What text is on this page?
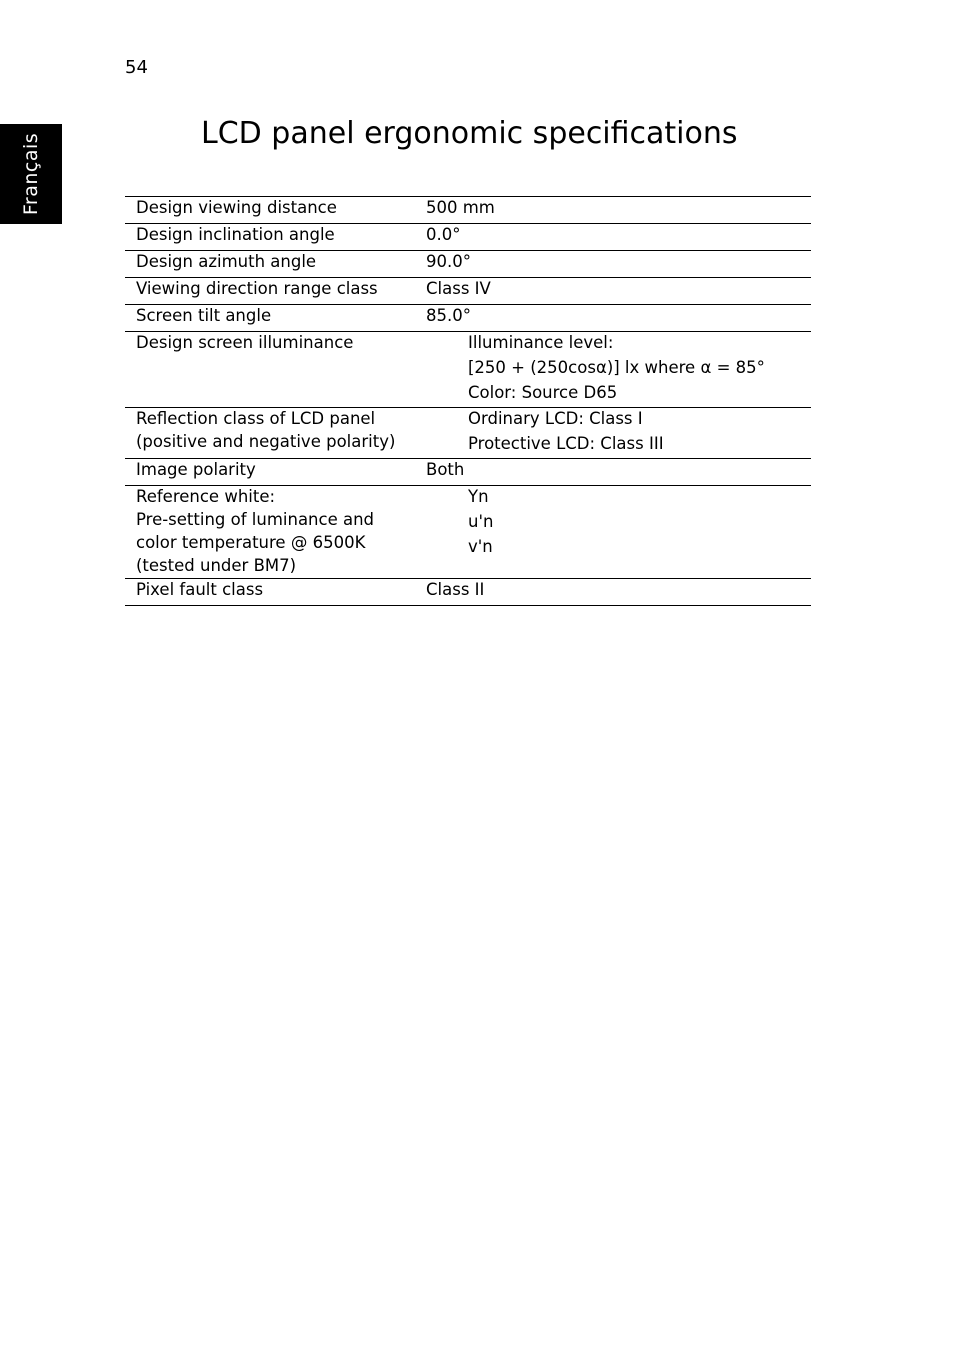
54
Français	LCD panel ergonomic specifications
Design viewing distance	500 mm

Design inclination angle	0.0°

Design azimuth angle	90.0°

Viewing direction range class	Class IV

Screen tilt angle	85.0°

Design screen illuminance	Illuminance level:
[250 + (250cosα)] lx where α = 85°
Color: Source D65

Reflection class of LCD panel
(positive and negative polarity)	Ordinary LCD: Class I
Protective LCD: Class III

Image polarity	Both

Reference white:
Pre-setting of luminance and
color temperature @ 6500K
(tested under BM7)	Yn
u'n
v'n

Pixel fault class	Class II
